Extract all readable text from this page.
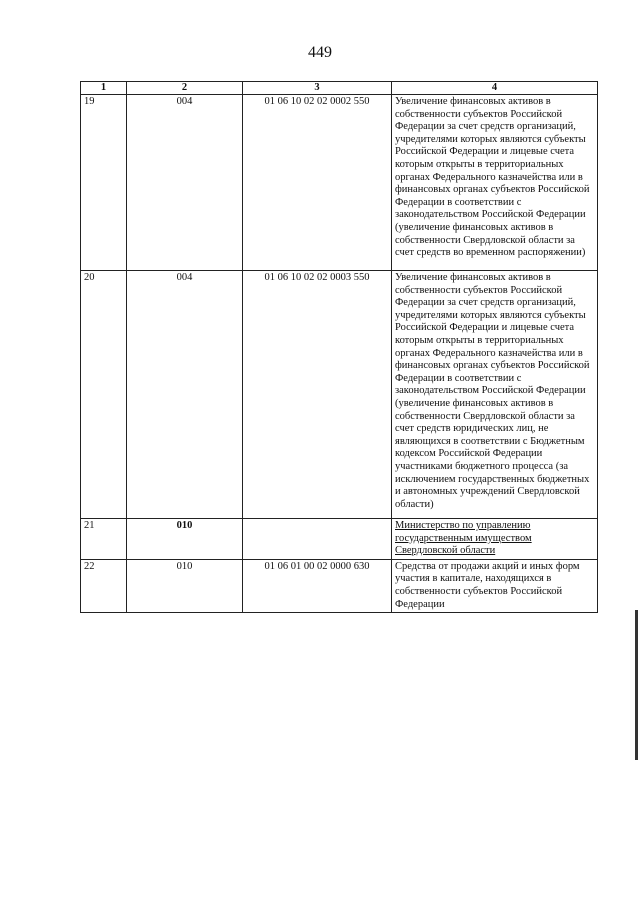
449
1	2	3	4
19	004	01 06 10 02 02 0002 550	Увеличение финансовых активов в собственности субъектов Российской Федерации за счет средств организаций, учредителями которых являются субъекты Российской Федерации и лицевые счета которым открыты в территориальных органах Федерального казначейства или в финансовых органах субъектов Российской Федерации в соответствии с законодательством Российской Федерации (увеличение финансовых активов в собственности Свердловской области за счет средств во временном распоряжении)
20	004	01 06 10 02 02 0003 550	Увеличение финансовых активов в собственности субъектов Российской Федерации за счет средств организаций, учредителями которых являются субъекты Российской Федерации и лицевые счета которым открыты в территориальных органах Федерального казначейства или в финансовых органах субъектов Российской Федерации в соответствии с законодательством Российской Федерации (увеличение финансовых активов в собственности Свердловской области за счет средств юридических лиц, не являющихся в соответствии с Бюджетным кодексом Российской Федерации участниками бюджетного процесса (за исключением государственных бюджетных и автономных учреждений Свердловской области)
21	010		Министерство по управлению государственным имуществом Свердловской области
22	010	01 06 01 00 02 0000 630	Средства от продажи акций и иных форм участия в капитале, находящихся в собственности субъектов Российской Федерации
